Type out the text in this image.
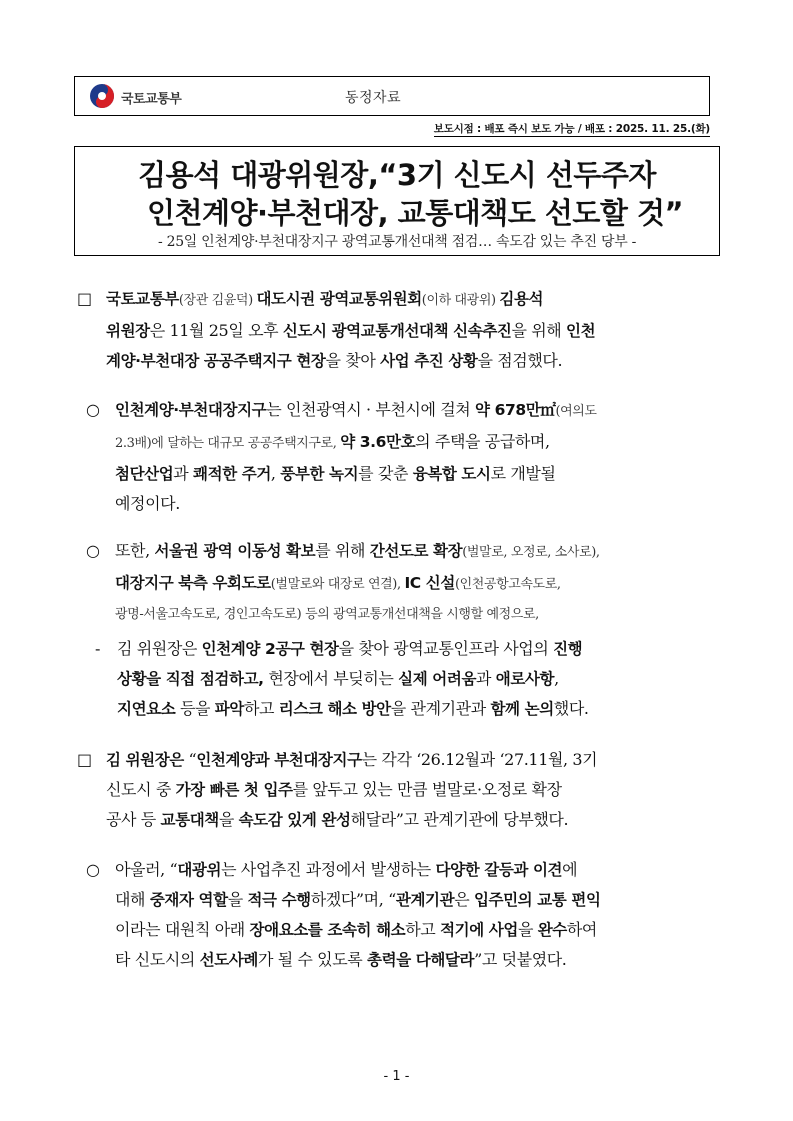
국토교통부	동정자료
보도시점 : 배포 즉시 보도 가능 / 배포 : 2025. 11. 25.(화)
김용석 대광위원장,“3기 신도시 선두주자
인천계양·부천대장, 교통대책도 선도할 것”
- 25일 인천계양·부천대장지구 광역교통개선대책 점검… 속도감 있는 추진 당부 -
□ 국토교통부(장관 김윤덕) 대도시권 광역교통위원회(이하 대광위) 김용석
위원장은 11월 25일 오후 신도시 광역교통개선대책 신속추진을 위해 인천
계양·부천대장 공공주택지구 현장을 찾아 사업 추진 상황을 점검했다.
○ 인천계양·부천대장지구는 인천광역시 · 부천시에 걸쳐 약 678만㎡(여의도
2.3배)에 달하는 대규모 공공주택지구로, 약 3.6만호의 주택을 공급하며,
첨단산업과 쾌적한 주거, 풍부한 녹지를 갖춘 융복합 도시로 개발될
예정이다.
○ 또한, 서울권 광역 이동성 확보를 위해 간선도로 확장(벌말로, 오정로, 소사로),
대장지구 북측 우회도로(벌말로와 대장로 연결), IC 신설(인천공항고속도로,
광명-서울고속도로, 경인고속도로) 등의 광역교통개선대책을 시행할 예정으로,
- 김 위원장은 인천계양 2공구 현장을 찾아 광역교통인프라 사업의 진행
상황을 직접 점검하고, 현장에서 부딪히는 실제 어려움과 애로사항,
지연요소 등을 파악하고 리스크 해소 방안을 관계기관과 함께 논의했다.
□ 김 위원장은 “인천계양과 부천대장지구는 각각 ‘26.12월과 ‘27.11월, 3기
신도시 중 가장 빠른 첫 입주를 앞두고 있는 만큼 벌말로·오정로 확장
공사 등 교통대책을 속도감 있게 완성해달라”고 관계기관에 당부했다.
○ 아울러, “대광위는 사업추진 과정에서 발생하는 다양한 갈등과 이견에
대해 중재자 역할을 적극 수행하겠다”며, “관계기관은 입주민의 교통 편익
이라는 대원칙 아래 장애요소를 조속히 해소하고 적기에 사업을 완수하여
타 신도시의 선도사례가 될 수 있도록 총력을 다해달라”고 덧붙였다.
- 1 -
